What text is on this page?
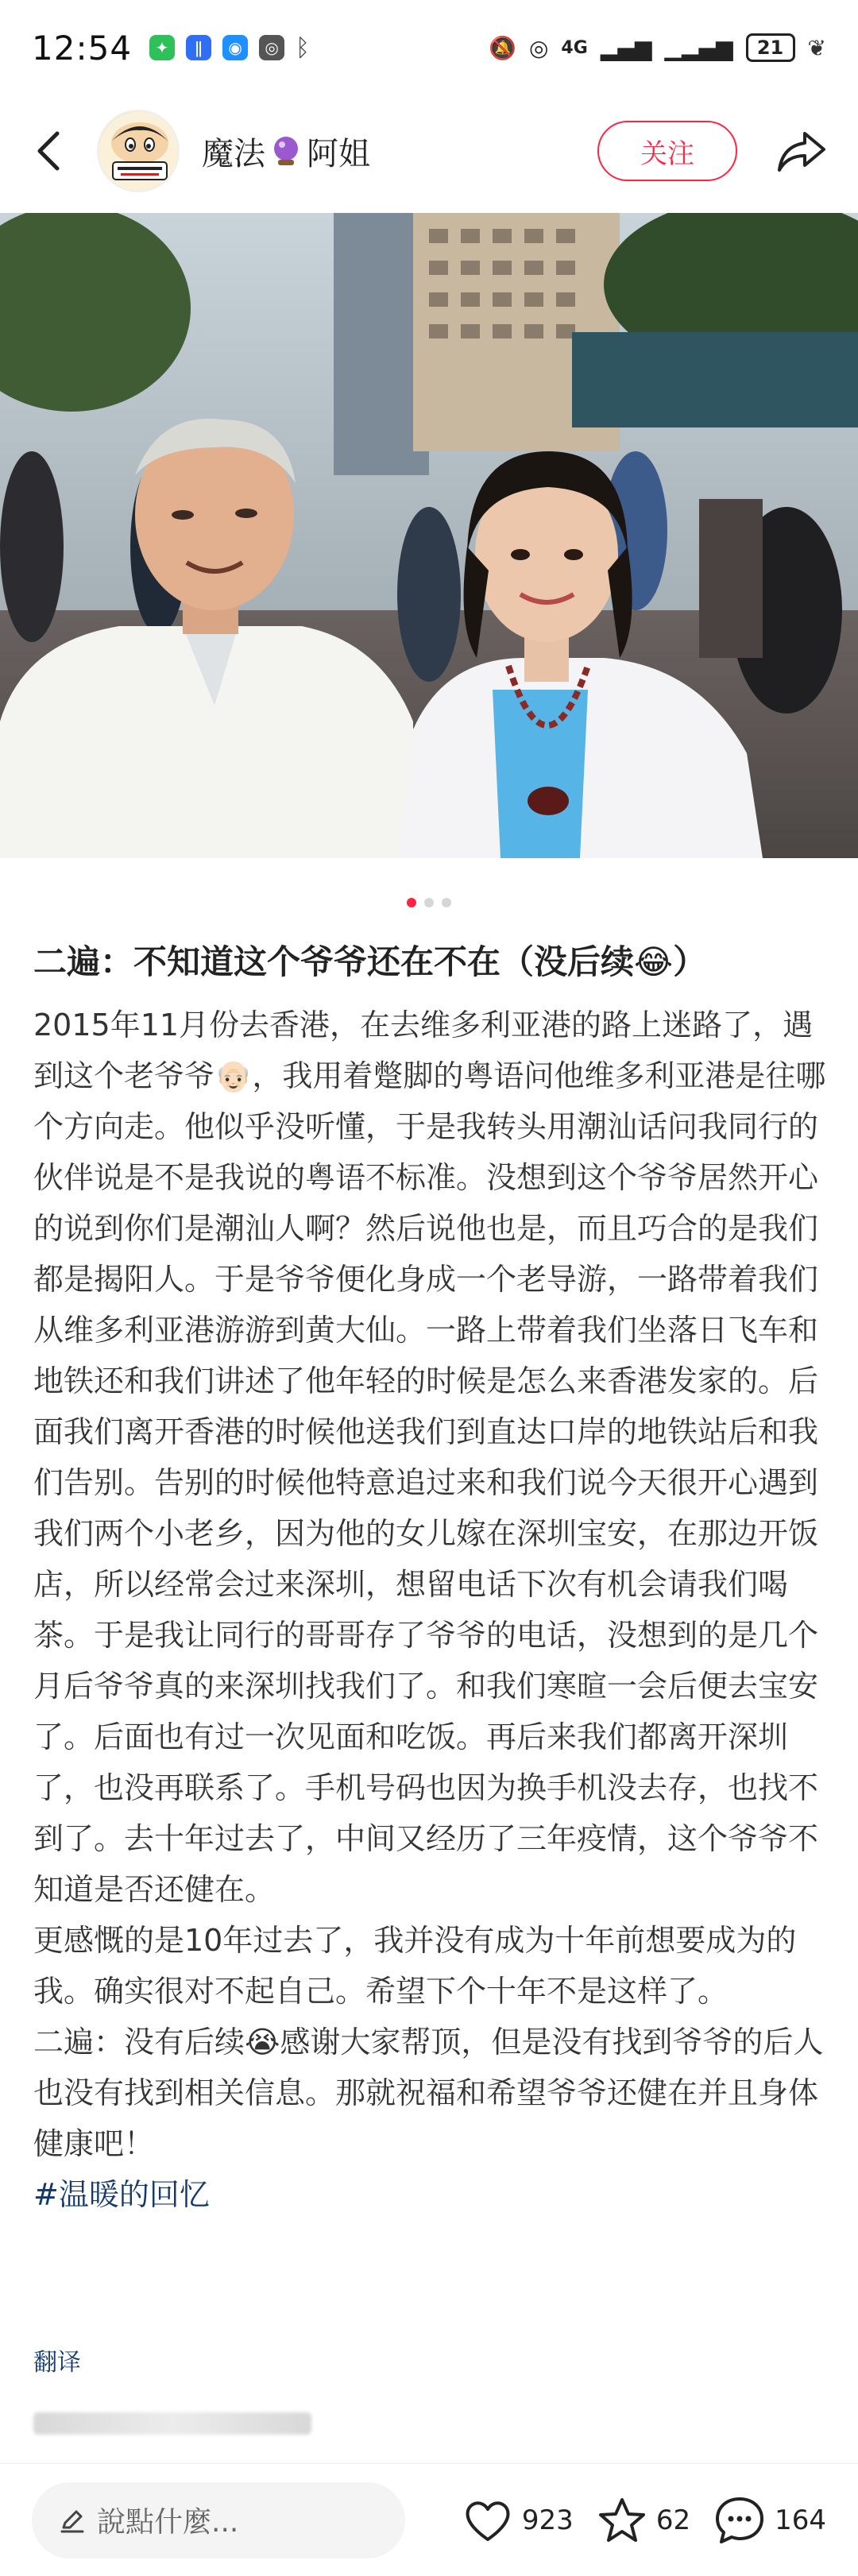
12:54	✦	ǁ	◉	◎ ᛒ	🔕 ◎ 4G ▂▄▆ ▁▂▄▆ 21 ❦
魔法 阿姐	关注
二遍：不知道这个爷爷还在不在（没后续😂）
2015年11月份去香港，在去维多利亚港的路上迷路了，遇到这个老爷爷👴🏻，我用着蹩脚的粤语问他维多利亚港是往哪个方向走。他似乎没听懂，于是我转头用潮汕话问我同行的伙伴说是不是我说的粤语不标准。没想到这个爷爷居然开心的说到你们是潮汕人啊？然后说他也是，而且巧合的是我们都是揭阳人。于是爷爷便化身成一个老导游，一路带着我们从维多利亚港游游到黄大仙。一路上带着我们坐落日飞车和地铁还和我们讲述了他年轻的时候是怎么来香港发家的。后面我们离开香港的时候他送我们到直达口岸的地铁站后和我们告别。告别的时候他特意追过来和我们说今天很开心遇到我们两个小老乡，因为他的女儿嫁在深圳宝安，在那边开饭店，所以经常会过来深圳，想留电话下次有机会请我们喝茶。于是我让同行的哥哥存了爷爷的电话，没想到的是几个月后爷爷真的来深圳找我们了。和我们寒暄一会后便去宝安了。后面也有过一次见面和吃饭。再后来我们都离开深圳了，也没再联系了。手机号码也因为换手机没去存，也找不到了。去十年过去了，中间又经历了三年疫情，这个爷爷不知道是否还健在。
更感慨的是10年过去了，我并没有成为十年前想要成为的我。确实很对不起自己。希望下个十年不是这样了。
二遍：没有后续😭感谢大家帮顶，但是没有找到爷爷的后人也没有找到相关信息。那就祝福和希望爷爷还健在并且身体健康吧！
#温暖的回忆
翻译
說點什麼...	923	62	164
